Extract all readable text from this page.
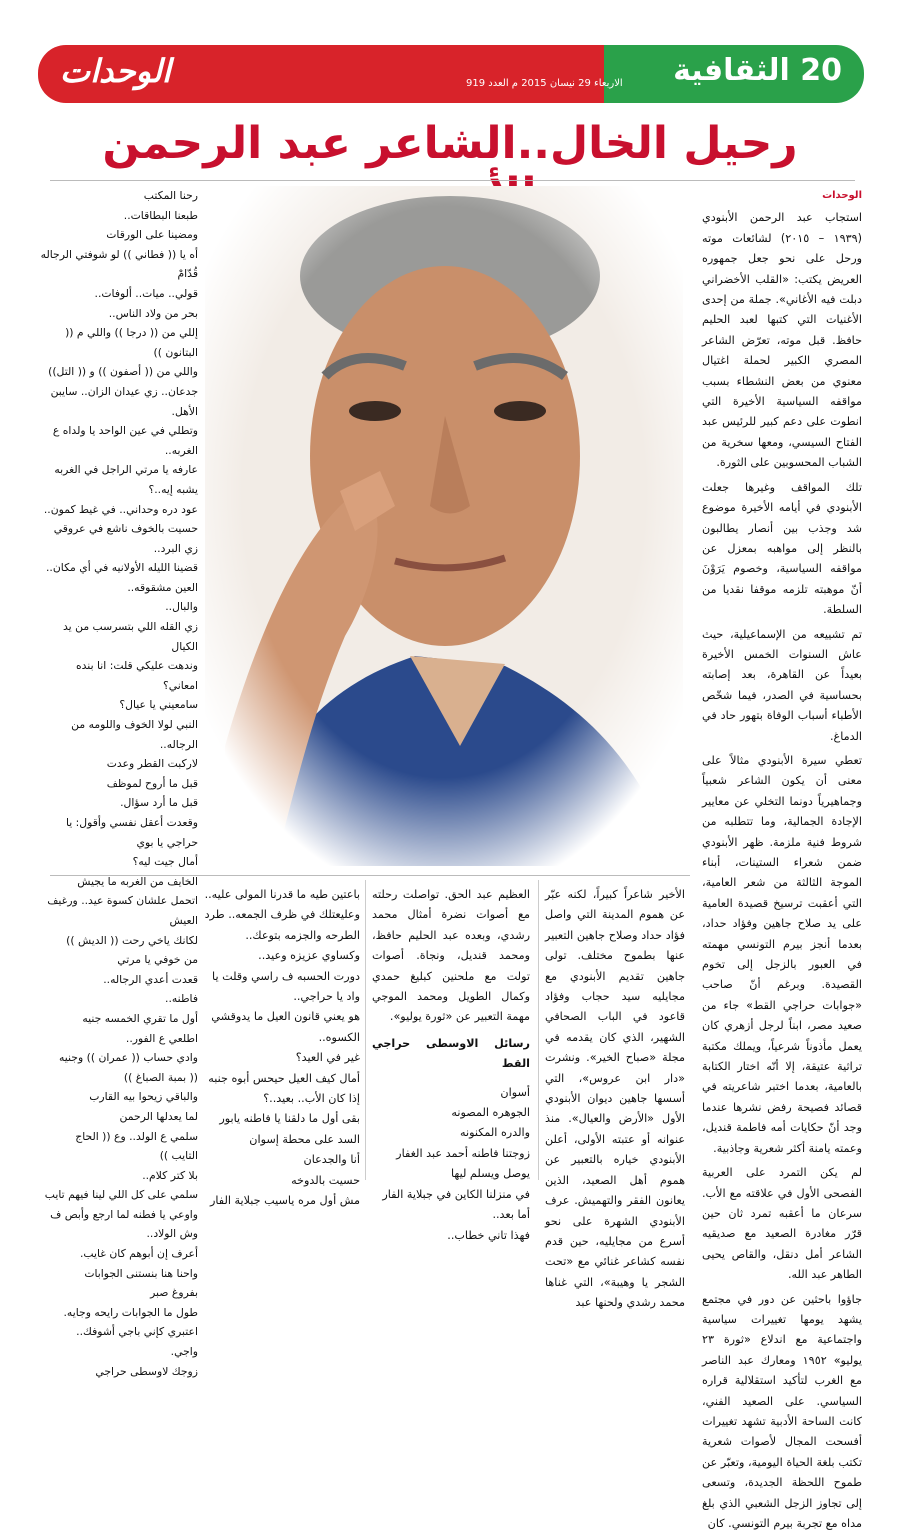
الوحدات	الاربعاء 29 نيسان 2015 م العدد 919 20 الثقافية
رحيل الخال..الشاعر عبد الرحمن
الوحدات

استجاب عبد الرحمن الأبنودي (١٩٣٩ – ٢٠١٥) لشائعات موته ورحل على نحو جعل جمهوره العريض يكتب: «القلب الأخضراني دبلت فيه الأغاني». جملة من إحدى الأغنيات التي كتبها لعبد الحليم حافظ. قبل موته، تعرّض الشاعر المصري الكبير لحملة اغتيال معنوي من بعض النشطاء بسبب مواقفه السياسية الأخيرة التي انطوت على دعم كبير للرئيس عبد الفتاح السيسي، ومعها سخرية من الشباب المحسوبين على الثورة.

تلك المواقف وغيرها جعلت الأبنودي في أيامه الأخيرة موضوع شد وجذب بين أنصار يطالبون بالنظر إلى مواهبه بمعزل عن مواقفه السياسية، وخصوم يَرَوْنَ أنّ موهبته تلزمه موقفا نقديا من السلطة.

تم تشييعه من الإسماعيلية، حيث عاش السنوات الخمس الأخيرة بعيداً عن القاهرة، بعد إصابته بحساسية في الصدر، فيما شخّص الأطباء أسباب الوفاة بتهور حاد في الدماغ.

تعطي سيرة الأبنودي مثالاً على معنى أن يكون الشاعر شعبياً وجماهيرياً دونما التخلي عن معايير الإجادة الجمالية، وما تتطلبه من شروط فنية ملزمة. ظهر الأبنودي ضمن شعراء الستينات، أبناء الموجة الثالثة من شعر العامية، التي أعقبت ترسيخ قصيدة العامية على يد صلاح جاهين وفؤاد حداد، بعدما أنجز بيرم التونسي مهمته في العبور بالزجل إلى تخوم القصيدة. وبرغم أنّ صاحب «جوابات حراجي القط» جاء من صعيد مصر، ابناً لرجل أزهري كان يعمل مأذوناً شرعياً، ويملك مكتبة تراثية عتيقة، إلا أنّه اختار الكتابة بالعامية، بعدما اختبر شاعريته في قصائد فصيحة رفض نشرها عندما وجد أنّ حكايات أمه فاطمة قنديل، وعمته يامنة أكثر شعرية وجاذبية.

لم يكن التمرد على العربية الفصحى الأول في علاقته مع الأب. سرعان ما أعقبه تمرد ثان حين قرّر مغادرة الصعيد مع صديقيه الشاعر أمل دنقل، والقاص يحيى الطاهر عبد الله.

جاؤوا باحثين عن دور في مجتمع يشهد يومها تغييرات سياسية واجتماعية مع اندلاع «ثورة ٢٣ يوليو» ١٩٥٢ ومعارك عبد الناصر مع الغرب لتأكيد استقلالية قراره السياسي. على الصعيد الفني، كانت الساحة الأدبية تشهد تغييرات أفسحت المجال لأصوات شعرية تكتب بلغة الحياة اليومية، وتعبّر عن طموح اللحظة الجديدة، وتسعى إلى تجاوز الزجل الشعبي الذي بلغ مداه مع تجربة بيرم التونسي. كان

الأخير شاعراً كبيراً، لكنه عبّر عن هموم المدينة التي واصل فؤاد حداد وصلاح جاهين التعبير عنها بطموح مختلف. تولى جاهين تقديم الأبنودي مع مجايليه سيد حجاب وفؤاد قاعود في الباب الصحافي الشهير، الذي كان يقدمه في مجلة «صباح الخير». ونشرت «دار ابن عروس»، التي أسسها جاهين ديوان الأبنودي الأول «الأرض والعيال». منذ عنوانه أو عتبته الأولى، أعلن الأبنودي خياره بالتعبير عن هموم أهل الصعيد، الذين يعانون الفقر والتهميش. عرف الأبنودي الشهرة على نحو أسرع من مجايليه، حين قدم نفسه كشاعر غنائي مع «تحت الشجر يا وهيبة»، التي غناها محمد رشدي ولحنها عبد

العظيم عبد الحق. تواصلت رحلته مع أصوات نضرة أمثال محمد رشدي، وبعده عبد الحليم حافظ، ومحمد قنديل، ونجاة. أصوات تولت مع ملحنين كبليغ حمدي وكمال الطويل ومحمد الموجي مهمة التعبير عن «ثورة يوليو».

رسائل الاوسطى حراجي القط
أسوان
الجوهره المصونه
والدره المكنونه
زوجتنا فاطنه أحمد عبد الغفار
يوصل ويسلم ليها
في منزلنا الكاين في جبلاية الفار
أما بعد..
فهذا تاني خطاب..
باعتين طيه ما قدرنا المولى عليه..
وعليعتلك في ظرف الجمعه.. طرد
الطرحه والجزمه بتوعك..
وكساوي عزيزه وعيد..
دورت الحسبه ف راسي وقلت يا
واد يا حراجي..
هو يعني قانون العيل ما يدوقشي
الكسوه..
غير في العيد؟
أمال كيف العيل حيحس أبوه جنبه
إذا كان الأب.. بعيد..؟
بقى أول ما دلقنا يا فاطنه يابور
السد على محطة إسوان
أنا والجدعان
حسيت بالدوخه
مش أول مره ياسيب جبلاية الفار
رحنا المكتب
طبعنا البطاقات..
ومضينا على الورقات
أه يا (( فطاني )) لو شوفتي الرجاله
قُدّامْ
قولي.. ميات.. ألوفات..
بحر من ولاد الناس..
إللي من (( درجا )) واللي م ((
البتانون ))
واللي من (( أصفون )) و (( التل))
جدعان.. زي عيدان الزان.. سايبن
الأهل.
وتطلي في عين الواحد يا ولداه ع
الغربه..
عارفه يا مرتي الراجل في الغربه
يشبه إيه..؟
عود دره وحداني.. في غيط كمون..
حسيت بالخوف ناشع في عروقي
زي البرد..
قضينا الليله الأولانيه في أي مكان..
العين مشقوقه..
والبال..
زي القله اللي بتسرسب من يد
الكيال
وندهت عليكي قلت: انا بنده
امعاني؟
سامعيني يا عيال؟
النبي لولا الخوف واللومه من
الرجاله..
لاركبت القطر وعدت
قبل ما أروح لموظف
قبل ما أرد سؤال.
وقعدت أعقل نفسي وأقول: يا
حراجي يا بوي
أمال جيت ليه؟
الخايف من الغربه ما يجيش
اتحمل علشان كسوة عيد.. ورغيف
العيش
لكانك ياخي رحت (( الديش ))
من خوفي يا مرتي
قعدت أعدي الرجاله..
فاطنه..
أول ما تقري الخمسه جنيه
اطلعي ع الفور..
وادي حساب (( عمران )) وجنيه
(( بمبة الصباغ ))
والباقي زيحوا بيه القارب
لما يعدلها الرحمن
سلمي ع الولد.. وع (( الحاج
التايب ))
بلا كتر كلام..
سلمي على كل اللي لينا فيهم تايب
واوعي يا فطنه لما ارجع وأبص ف
وش الولاد..
أعرف إن أبوهم كان غايب.
واحنا هنا بنستنى الجوابات
بفروغ صبر
طول ما الجوابات رايحه وجايه.
اعتبري كإني باجي أشوفك..
واجي.
زوجك لاوسطى حراجي
